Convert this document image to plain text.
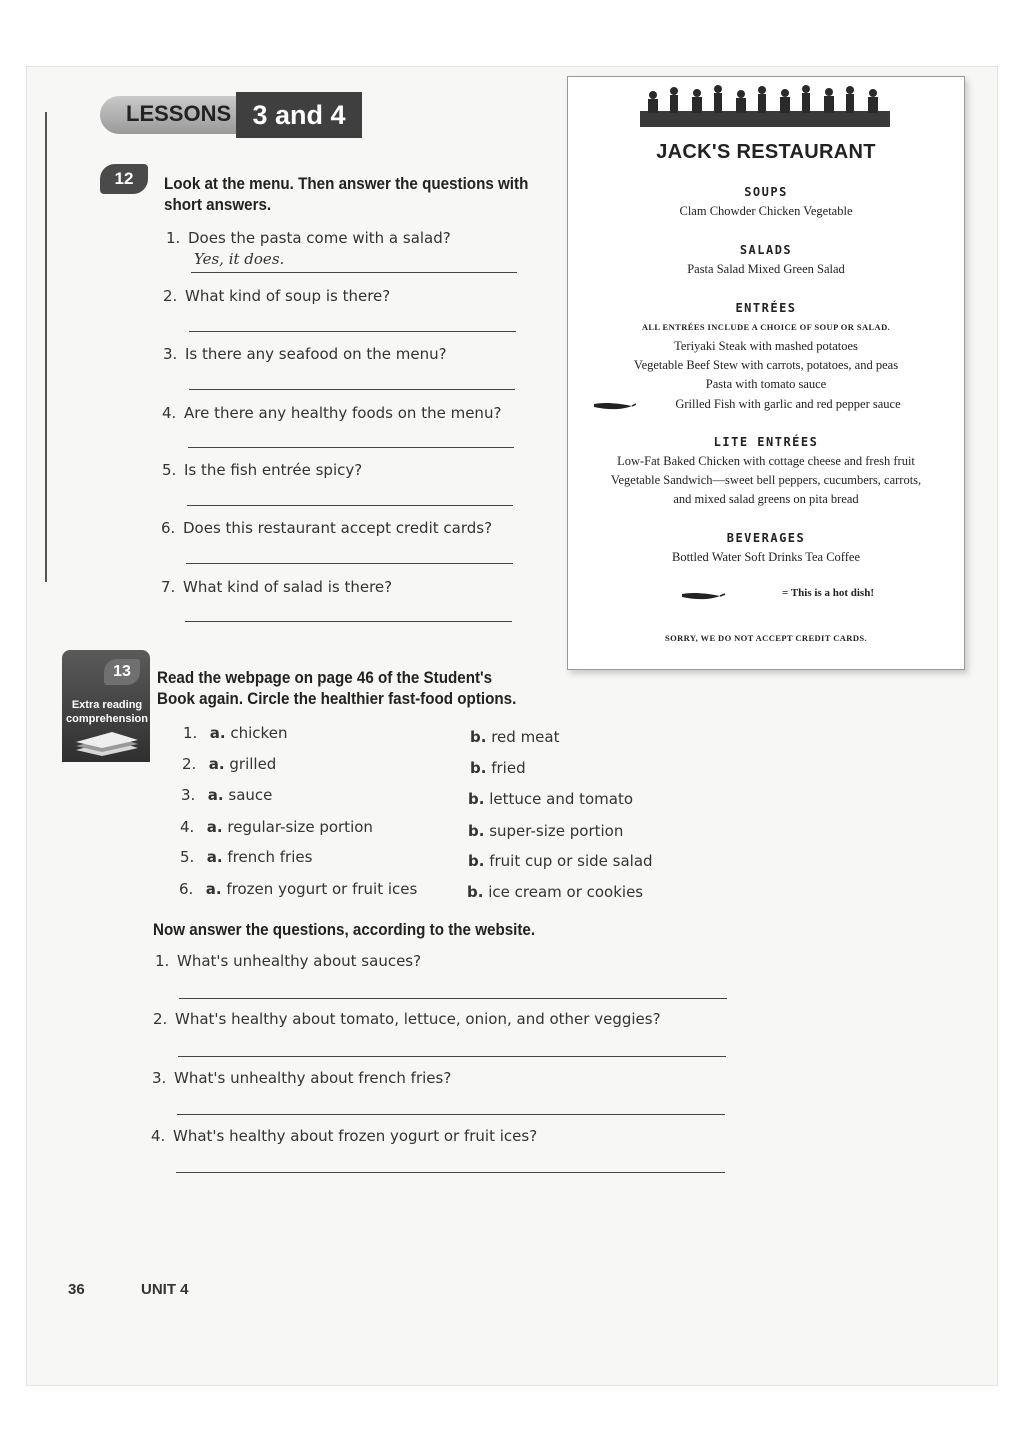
LESSONS 3 and 4
12	Look at the menu. Then answer the questions with
short answers.
1. Does the pasta come with a salad?
Yes, it does.
2. What kind of soup is there?
3. Is there any seafood on the menu?
4. Are there any healthy foods on the menu?
5. Is the fish entrée spicy?
6. Does this restaurant accept credit cards?
7. What kind of salad is there?
JACK'S RESTAURANT
SOUPS
Clam Chowder Chicken Vegetable
SALADS
Pasta Salad Mixed Green Salad
ENTRÉES
ALL ENTRÉES INCLUDE A CHOICE OF SOUP OR SALAD.
Teriyaki Steak with mashed potatoes
Vegetable Beef Stew with carrots, potatoes, and peas
Pasta with tomato sauce
Grilled Fish with garlic and red pepper sauce
LITE ENTRÉES
Low-Fat Baked Chicken with cottage cheese and fresh fruit
Vegetable Sandwich—sweet bell peppers, cucumbers, carrots,
and mixed salad greens on pita bread
BEVERAGES
Bottled Water Soft Drinks Tea Coffee
= This is a hot dish!
SORRY, WE DO NOT ACCEPT CREDIT CARDS.
13
Extra reading
comprehension
Read the webpage on page 46 of the Student's
Book again. Circle the healthier fast-food options.
1. a. chicken	b. red meat
2. a. grilled	b. fried
3. a. sauce	b. lettuce and tomato
4. a. regular-size portion	b. super-size portion
5. a. french fries	b. fruit cup or side salad
6. a. frozen yogurt or fruit ices	b. ice cream or cookies
Now answer the questions, according to the website.
1. What's unhealthy about sauces?
2. What's healthy about tomato, lettuce, onion, and other veggies?
3. What's unhealthy about french fries?
4. What's healthy about frozen yogurt or fruit ices?
36	UNIT 4
